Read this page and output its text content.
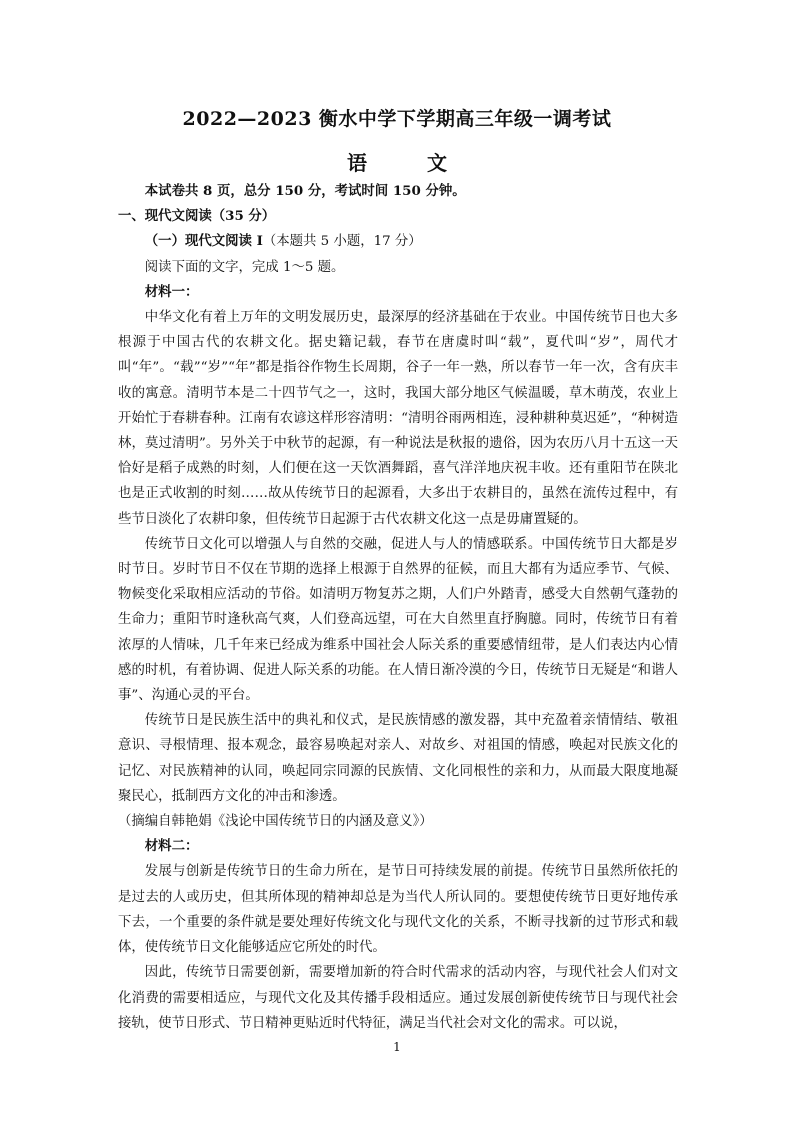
2022—2023 衡水中学下学期高三年级一调考试
语　文

本试卷共 8 页，总分 150 分，考试时间 150 分钟。

一、现代文阅读（35 分）

（一）现代文阅读 I（本题共 5 小题，17 分）

阅读下面的文字，完成 1～5 题。

材料一：

中华文化有着上万年的文明发展历史，最深厚的经济基础在于农业。中国传统节日也大多根源于中国古代的农耕文化。据史籍记载，春节在唐虞时叫“载”，夏代叫“岁”，周代才叫“年”。“载”“岁”“年”都是指谷作物生长周期，谷子一年一熟，所以春节一年一次，含有庆丰收的寓意。清明节本是二十四节气之一，这时，我国大部分地区气候温暖，草木萌茂，农业上开始忙于春耕春种。江南有农谚这样形容清明：“清明谷雨两相连，浸种耕种莫迟延”，“种树造林，莫过清明”。另外关于中秋节的起源，有一种说法是秋报的遗俗，因为农历八月十五这一天恰好是稻子成熟的时刻，人们便在这一天饮酒舞蹈，喜气洋洋地庆祝丰收。还有重阳节在陕北也是正式收割的时刻……故从传统节日的起源看，大多出于农耕目的，虽然在流传过程中，有些节日淡化了农耕印象，但传统节日起源于古代农耕文化这一点是毋庸置疑的。

传统节日文化可以增强人与自然的交融，促进人与人的情感联系。中国传统节日大都是岁时节日。岁时节日不仅在节期的选择上根源于自然界的征候，而且大都有为适应季节、气候、物候变化采取相应活动的节俗。如清明万物复苏之期，人们户外踏青，感受大自然朝气蓬勃的生命力；重阳节时逢秋高气爽，人们登高远望，可在大自然里直抒胸臆。同时，传统节日有着浓厚的人情味，几千年来已经成为维系中国社会人际关系的重要感情纽带，是人们表达内心情感的时机，有着协调、促进人际关系的功能。在人情日渐冷漠的今日，传统节日无疑是“和谐人事”、沟通心灵的平台。

传统节日是民族生活中的典礼和仪式，是民族情感的激发器，其中充盈着亲情情结、敬祖意识、寻根情理、报本观念，最容易唤起对亲人、对故乡、对祖国的情感，唤起对民族文化的记忆、对民族精神的认同，唤起同宗同源的民族情、文化同根性的亲和力，从而最大限度地凝聚民心，抵制西方文化的冲击和渗透。

（摘编自韩艳娟《浅论中国传统节日的内涵及意义》）

材料二：

发展与创新是传统节日的生命力所在，是节日可持续发展的前提。传统节日虽然所依托的是过去的人或历史，但其所体现的精神却总是为当代人所认同的。要想使传统节日更好地传承下去，一个重要的条件就是要处理好传统文化与现代文化的关系，不断寻找新的过节形式和载体，使传统节日文化能够适应它所处的时代。

因此，传统节日需要创新，需要增加新的符合时代需求的活动内容，与现代社会人们对文化消费的需要相适应，与现代文化及其传播手段相适应。通过发展创新使传统节日与现代社会接轨，使节日形式、节日精神更贴近时代特征，满足当代社会对文化的需求。可以说，

1
